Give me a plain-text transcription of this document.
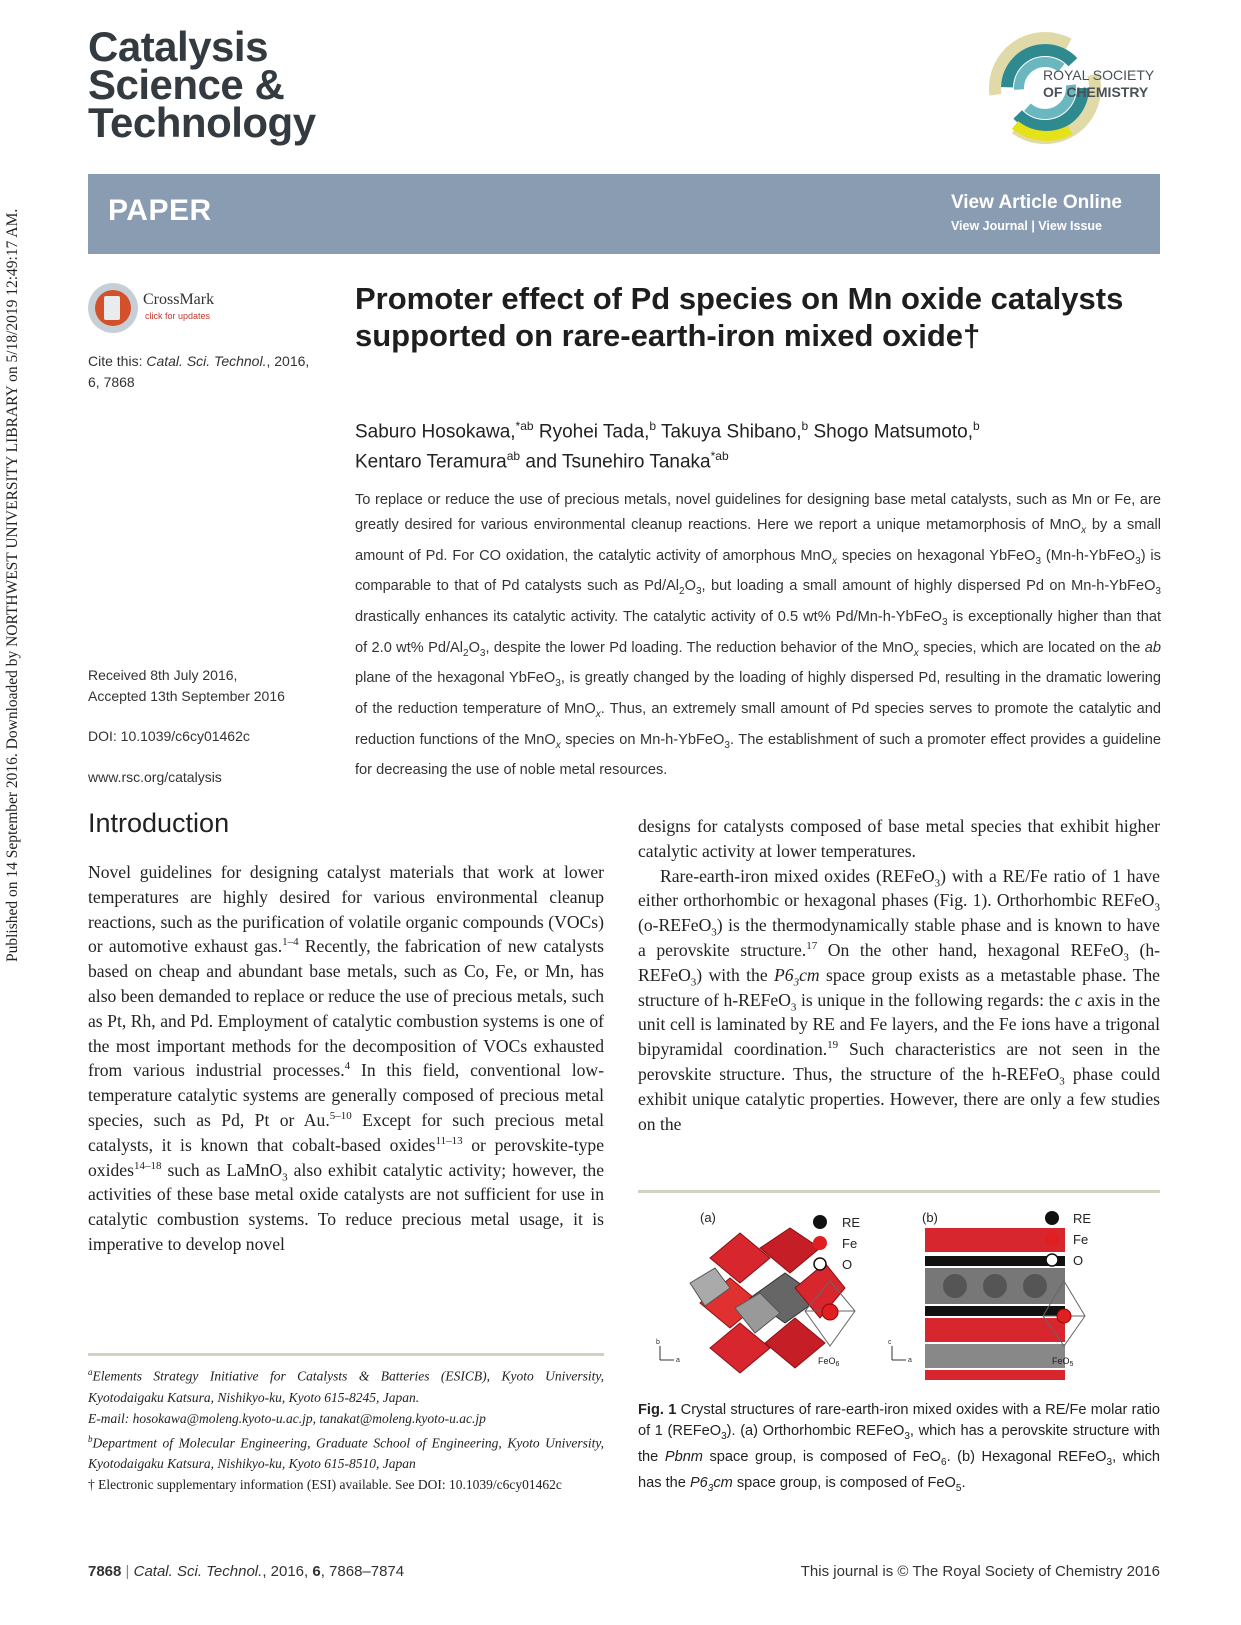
Published on 14 September 2016. Downloaded by NORTHWEST UNIVERSITY LIBRARY on 5/18/2019 12:49:17 AM.
Catalysis
Science &
Technology
ROYAL SOCIETY
OF CHEMISTRY
PAPER	View Article Online
View Journal | View Issue
CrossMark
click for updates
Cite this: Catal. Sci. Technol., 2016,
6, 7868
Received 8th July 2016,
Accepted 13th September 2016
DOI: 10.1039/c6cy01462c
www.rsc.org/catalysis
Promoter effect of Pd species on Mn oxide catalysts supported on rare-earth-iron mixed oxide†
Saburo Hosokawa,$^{*ab}$ Ryohei Tada,$^b$ Takuya Shibano,$^b$ Shogo Matsumoto,$^b$
Kentaro Teramura$^{ab}$ and Tsunehiro Tanaka$^{*ab}$
To replace or reduce the use of precious metals, novel guidelines for designing base metal catalysts, such as Mn or Fe, are greatly desired for various environmental cleanup reactions. Here we report a unique metamorphosis of MnO$_x$ by a small amount of Pd. For CO oxidation, the catalytic activity of amorphous MnO$_x$ species on hexagonal YbFeO$_3$ (Mn-h-YbFeO$_3$) is comparable to that of Pd catalysts such as $Pd/Al_2O_3$, but loading a small amount of highly dispersed Pd on Mn-h-YbFeO$_3$ drastically enhances its catalytic activity. The catalytic activity of 0.5 wt% Pd/Mn-h-YbFeO$_3$ is exceptionally higher than that of 2.0 wt% $Pd/Al_2O_3$, despite the lower Pd loading. The reduction behavior of the MnO$_x$ species, which are located on the ab plane of the hexagonal YbFeO$_3$, is greatly changed by the loading of highly dispersed Pd, resulting in the dramatic lowering of the reduction temperature of MnO$_x$. Thus, an extremely small amount of Pd species serves to promote the catalytic and reduction functions of the MnO$_x$ species on Mn-h-YbFeO$_3$. The establishment of such a promoter effect provides a guideline for decreasing the use of noble metal resources.
Introduction

Novel guidelines for designing catalyst materials that work at lower temperatures are highly desired for various environmental cleanup reactions, such as the purification of volatile organic compounds (VOCs) or automotive exhaust gas.$^{1-4}$ Recently, the fabrication of new catalysts based on cheap and abundant base metals, such as Co, Fe, or Mn, has also been demanded to replace or reduce the use of precious metals, such as Pt, Rh, and Pd. Employment of catalytic combustion systems is one of the most important methods for the decomposition of VOCs exhausted from various industrial processes.$^4$ In this field, conventional low-temperature catalytic systems are generally composed of precious metal species, such as Pd, Pt or Au.$^{5-10}$ Except for such precious metal catalysts, it is known that cobalt-based oxides$^{11-13}$ or perovskite-type oxides$^{14-18}$ such as LaMnO$_3$ also exhibit catalytic activity; however, the activities of these base metal oxide catalysts are not sufficient for use in catalytic combustion systems. To reduce precious metal usage, it is imperative to develop novel

designs for catalysts composed of base metal species that exhibit higher catalytic activity at lower temperatures.

Rare-earth-iron mixed oxides (REFeO$_3$) with a RE/Fe ratio of 1 have either orthorhombic or hexagonal phases (Fig. 1). Orthorhombic REFeO$_3$ (o-REFeO$_3$) is the thermodynamically stable phase and is known to have a perovskite structure.$^{17}$ On the other hand, hexagonal REFeO$_3$ (h-REFeO$_3$) with the $P6_3cm$ space group exists as a metastable phase. The structure of h-REFeO$_3$ is unique in the following regards: the c axis in the unit cell is laminated by RE and Fe layers, and the Fe ions have a trigonal bipyramidal coordination.$^{19}$ Such characteristics are not seen in the perovskite structure. Thus, the structure of the h-REFeO$_3$ phase could exhibit unique catalytic properties. However, there are only a few studies on the

(a)	RE
Fe
O
FeO$_6$
b
a
(b)	RE
Fe
O
FeO$_5$
c
a
Fig. 1 Crystal structures of rare-earth-iron mixed oxides with a RE/Fe molar ratio of 1 (REFeO$_3$). (a) Orthorhombic REFeO$_3$, which has a perovskite structure with the Pbnm space group, is composed of FeO$_6$. (b) Hexagonal REFeO$_3$, which has the $P6_3cm$ space group, is composed of FeO$_5$.
$^a$Elements Strategy Initiative for Catalysts & Batteries (ESICB), Kyoto University, Kyotodaigaku Katsura, Nishikyo-ku, Kyoto 615-8245, Japan.
E-mail: hosokawa@moleng.kyoto-u.ac.jp, tanakat@moleng.kyoto-u.ac.jp
$^b$Department of Molecular Engineering, Graduate School of Engineering, Kyoto University, Kyotodaigaku Katsura, Nishikyo-ku, Kyoto 615-8510, Japan
† Electronic supplementary information (ESI) available. See DOI: 10.1039/c6cy01462c
7868 | Catal. Sci. Technol., 2016, 6, 7868–7874	This journal is © The Royal Society of Chemistry 2016
